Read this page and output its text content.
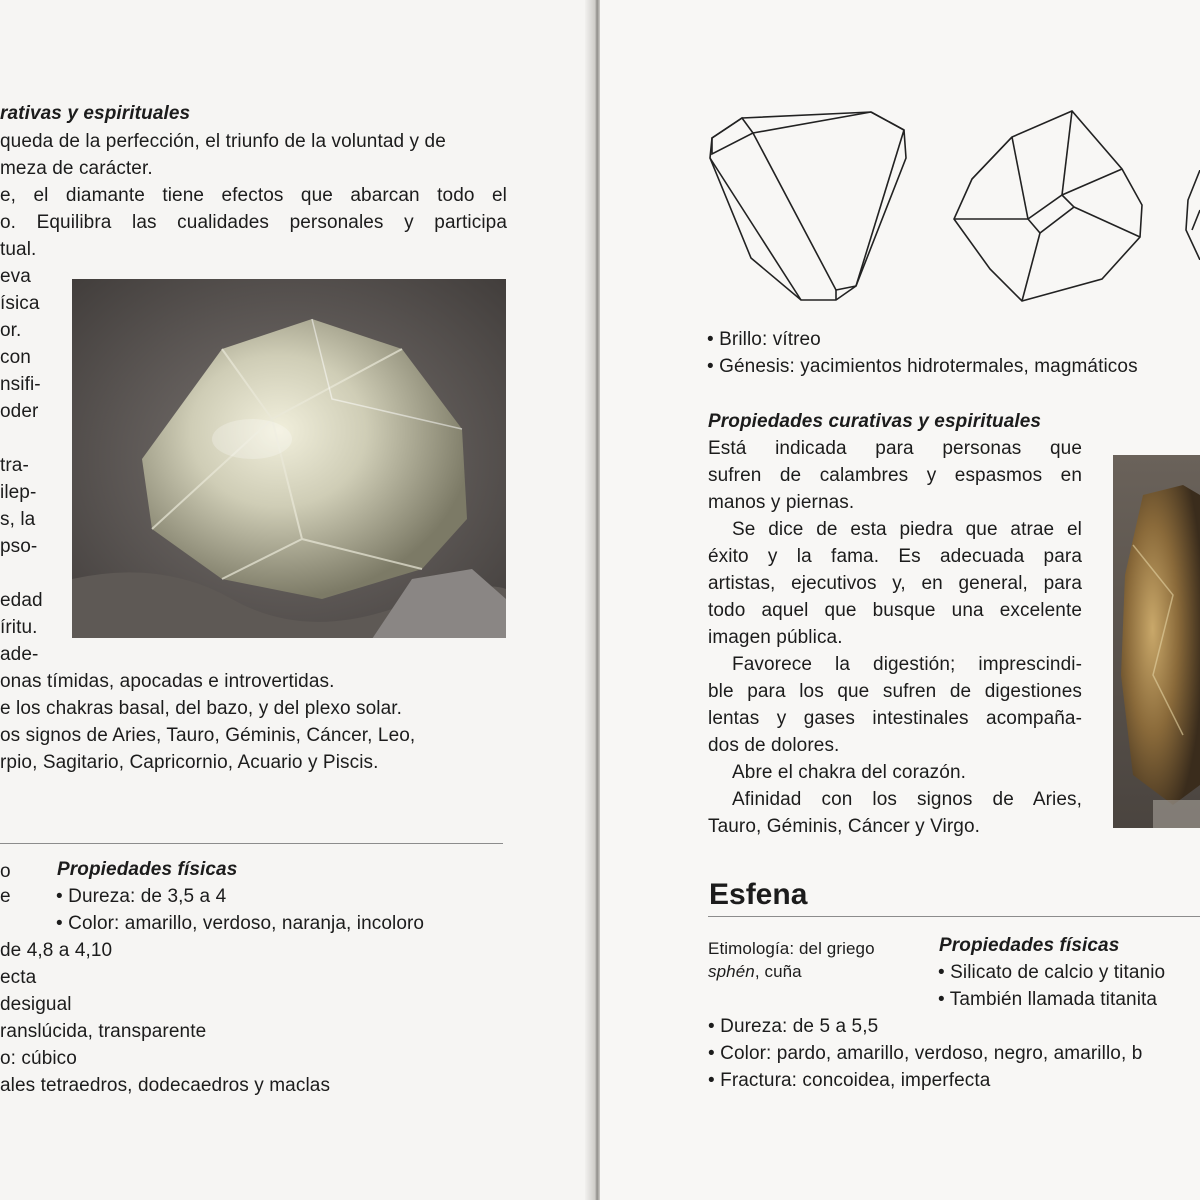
rativas y espirituales
queda de la perfección, el triunfo de la voluntad y de
meza de carácter.
e, el diamante tiene efectos que abarcan todo el
o. Equilibra las cualidades personales y participa
tual.
eva
ísica
or.
con
nsifi-
oder
tra-
ilep-
s, la
pso-
edad
íritu.
ade-
onas tímidas, apocadas e introvertidas.
e los chakras basal, del bazo, y del plexo solar.
os signos de Aries, Tauro, Géminis, Cáncer, Leo,
rpio, Sagitario, Capricornio, Acuario y Piscis.
o
e
Propiedades físicas
• Dureza: de 3,5 a 4
• Color: amarillo, verdoso, naranja, incoloro
de 4,8 a 4,10
ecta
desigual
ranslúcida, transparente
o: cúbico
ales tetraedros, dodecaedros y maclas
• Brillo: vítreo
• Génesis: yacimientos hidrotermales, magmáticos
Propiedades curativas y espirituales
Está indicada para personas que
sufren de calambres y espasmos en
manos y piernas.
Se dice de esta piedra que atrae el
éxito y la fama. Es adecuada para
artistas, ejecutivos y, en general, para
todo aquel que busque una excelente
imagen pública.
Favorece la digestión; imprescindi-
ble para los que sufren de digestiones
lentas y gases intestinales acompaña-
dos de dolores.
Abre el chakra del corazón.
Afinidad con los signos de Aries,
Tauro, Géminis, Cáncer y Virgo.
Esfena
Etimología: del griego
sphén, cuña
Propiedades físicas
• Silicato de calcio y titanio
• También llamada titanita
• Dureza: de 5 a 5,5
• Color: pardo, amarillo, verdoso, negro, amarillo, b
• Fractura: concoidea, imperfecta
